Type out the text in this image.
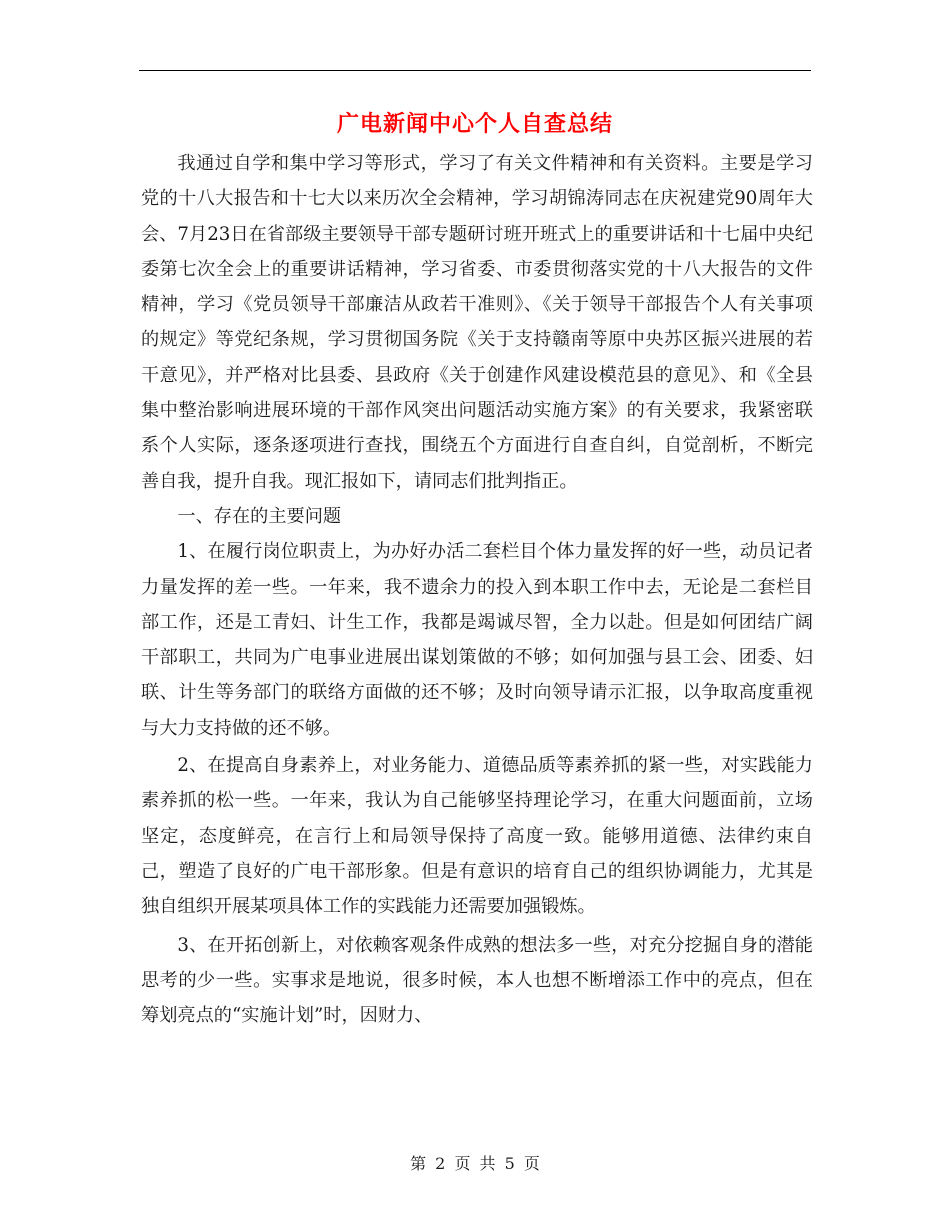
广电新闻中心个人自查总结

我通过自学和集中学习等形式，学习了有关文件精神和有关资料。主要是学习党的十八大报告和十七大以来历次全会精神，学习胡锦涛同志在庆祝建党90周年大会、7月23日在省部级主要领导干部专题研讨班开班式上的重要讲话和十七届中央纪委第七次全会上的重要讲话精神，学习省委、市委贯彻落实党的十八大报告的文件精神，学习《党员领导干部廉洁从政若干准则》、《关于领导干部报告个人有关事项的规定》等党纪条规，学习贯彻国务院《关于支持赣南等原中央苏区振兴进展的若干意见》，并严格对比县委、县政府《关于创建作风建设模范县的意见》、和《全县集中整治影响进展环境的干部作风突出问题活动实施方案》的有关要求，我紧密联系个人实际，逐条逐项进行查找，围绕五个方面进行自查自纠，自觉剖析，不断完善自我，提升自我。现汇报如下，请同志们批判指正。

一、存在的主要问题

1、在履行岗位职责上，为办好办活二套栏目个体力量发挥的好一些，动员记者力量发挥的差一些。一年来，我不遗余力的投入到本职工作中去，无论是二套栏目部工作，还是工青妇、计生工作，我都是竭诚尽智，全力以赴。但是如何团结广阔干部职工，共同为广电事业进展出谋划策做的不够；如何加强与县工会、团委、妇联、计生等务部门的联络方面做的还不够；及时向领导请示汇报，以争取高度重视与大力支持做的还不够。

2、在提高自身素养上，对业务能力、道德品质等素养抓的紧一些，对实践能力素养抓的松一些。一年来，我认为自己能够坚持理论学习，在重大问题面前，立场坚定，态度鲜亮，在言行上和局领导保持了高度一致。能够用道德、法律约束自己，塑造了良好的广电干部形象。但是有意识的培育自己的组织协调能力，尤其是独自组织开展某项具体工作的实践能力还需要加强锻炼。

3、在开拓创新上，对依赖客观条件成熟的想法多一些，对充分挖掘自身的潜能思考的少一些。实事求是地说，很多时候，本人也想不断增添工作中的亮点，但在筹划亮点的“实施计划”时，因财力、

第 2 页 共 5 页
